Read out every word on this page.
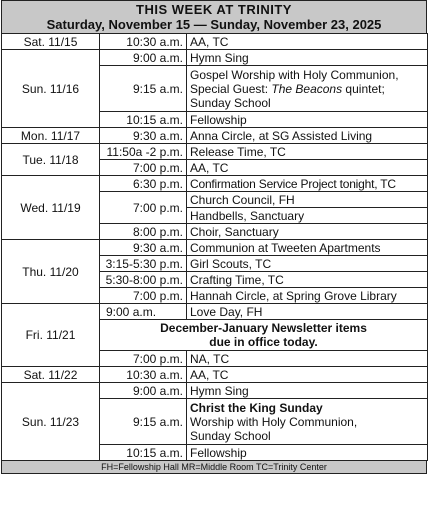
THIS WEEK AT TRINITY
Saturday, November 15 — Sunday, November 23, 2025
Sat. 11/15	10:30 a.m.	AA, TC
Sun. 11/16	9:00 a.m.	Hymn Sing
	9:15 a.m.	Gospel Worship with Holy Communion,
Special Guest: The Beacons quintet;
Sunday School

	10:15 a.m.	Fellowship
Mon. 11/17	9:30 a.m.	Anna Circle, at SG Assisted Living
Tue. 11/18	11:50a -2 p.m.	Release Time, TC
	7:00 p.m.	AA, TC
Wed. 11/19	6:30 p.m.	Confirmation Service Project tonight, TC
	7:00 p.m.	Church Council, FH
		Handbells, Sanctuary
	8:00 p.m.	Choir, Sanctuary
Thu. 11/20	9:30 a.m.	Communion at Tweeten Apartments
	3:15-5:30 p.m.	Girl Scouts, TC
	5:30-8:00 p.m.	Crafting Time, TC
	7:00 p.m.	Hannah Circle, at Spring Grove Library
Fri. 11/21	9:00 a.m.	Love Day, FH

	December-January Newsletter items
due in office today.	

	7:00 p.m.	NA, TC
Sat. 11/22	10:30 a.m.	AA, TC
Sun. 11/23	9:00 a.m.	Hymn Sing
	9:15 a.m.	Christ the King Sunday
Worship with Holy Communion,
Sunday School

	10:15 a.m.	Fellowship
FH=Fellowship Hall MR=Middle Room TC=Trinity Center
